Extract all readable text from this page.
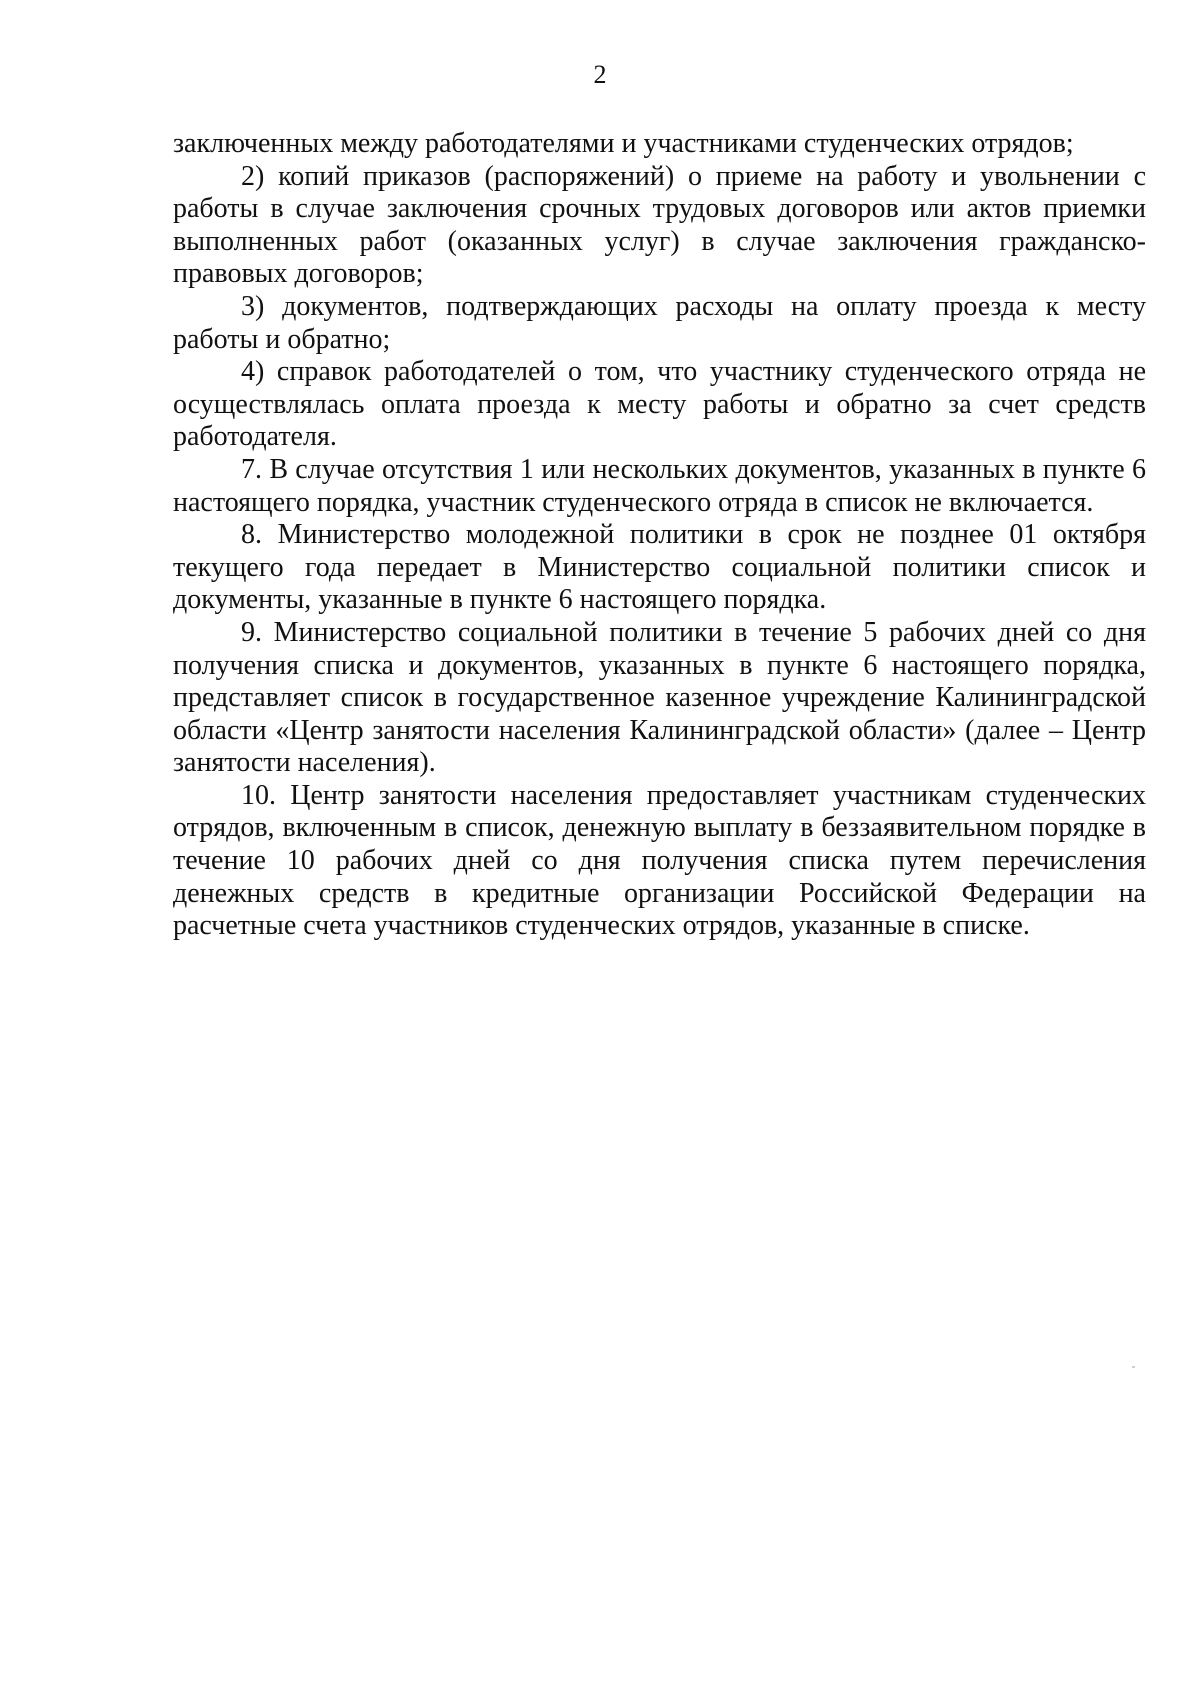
2

заключенных между работодателями и участниками студенческих отрядов;

2) копий приказов (распоряжений) о приеме на работу и увольнении с работы в случае заключения срочных трудовых договоров или актов приемки выполненных работ (оказанных услуг) в случае заключения гражданско-правовых договоров;

3) документов, подтверждающих расходы на оплату проезда к месту работы и обратно;

4) справок работодателей о том, что участнику студенческого отряда не осуществлялась оплата проезда к месту работы и обратно за счет средств работодателя.

7. В случае отсутствия 1 или нескольких документов, указанных в пункте 6 настоящего порядка, участник студенческого отряда в список не включается.

8. Министерство молодежной политики в срок не позднее 01 октября текущего года передает в Министерство социальной политики список и документы, указанные в пункте 6 настоящего порядка.

9. Министерство социальной политики в течение 5 рабочих дней со дня получения списка и документов, указанных в пункте 6 настоящего порядка, представляет список в государственное казенное учреждение Калининградской области «Центр занятости населения Калининградской области» (далее – Центр занятости населения).

10. Центр занятости населения предоставляет участникам студенческих отрядов, включенным в список, денежную выплату в беззаявительном порядке в течение 10 рабочих дней со дня получения списка путем перечисления денежных средств в кредитные организации Российской Федерации на расчетные счета участников студенческих отрядов, указанные в списке.
